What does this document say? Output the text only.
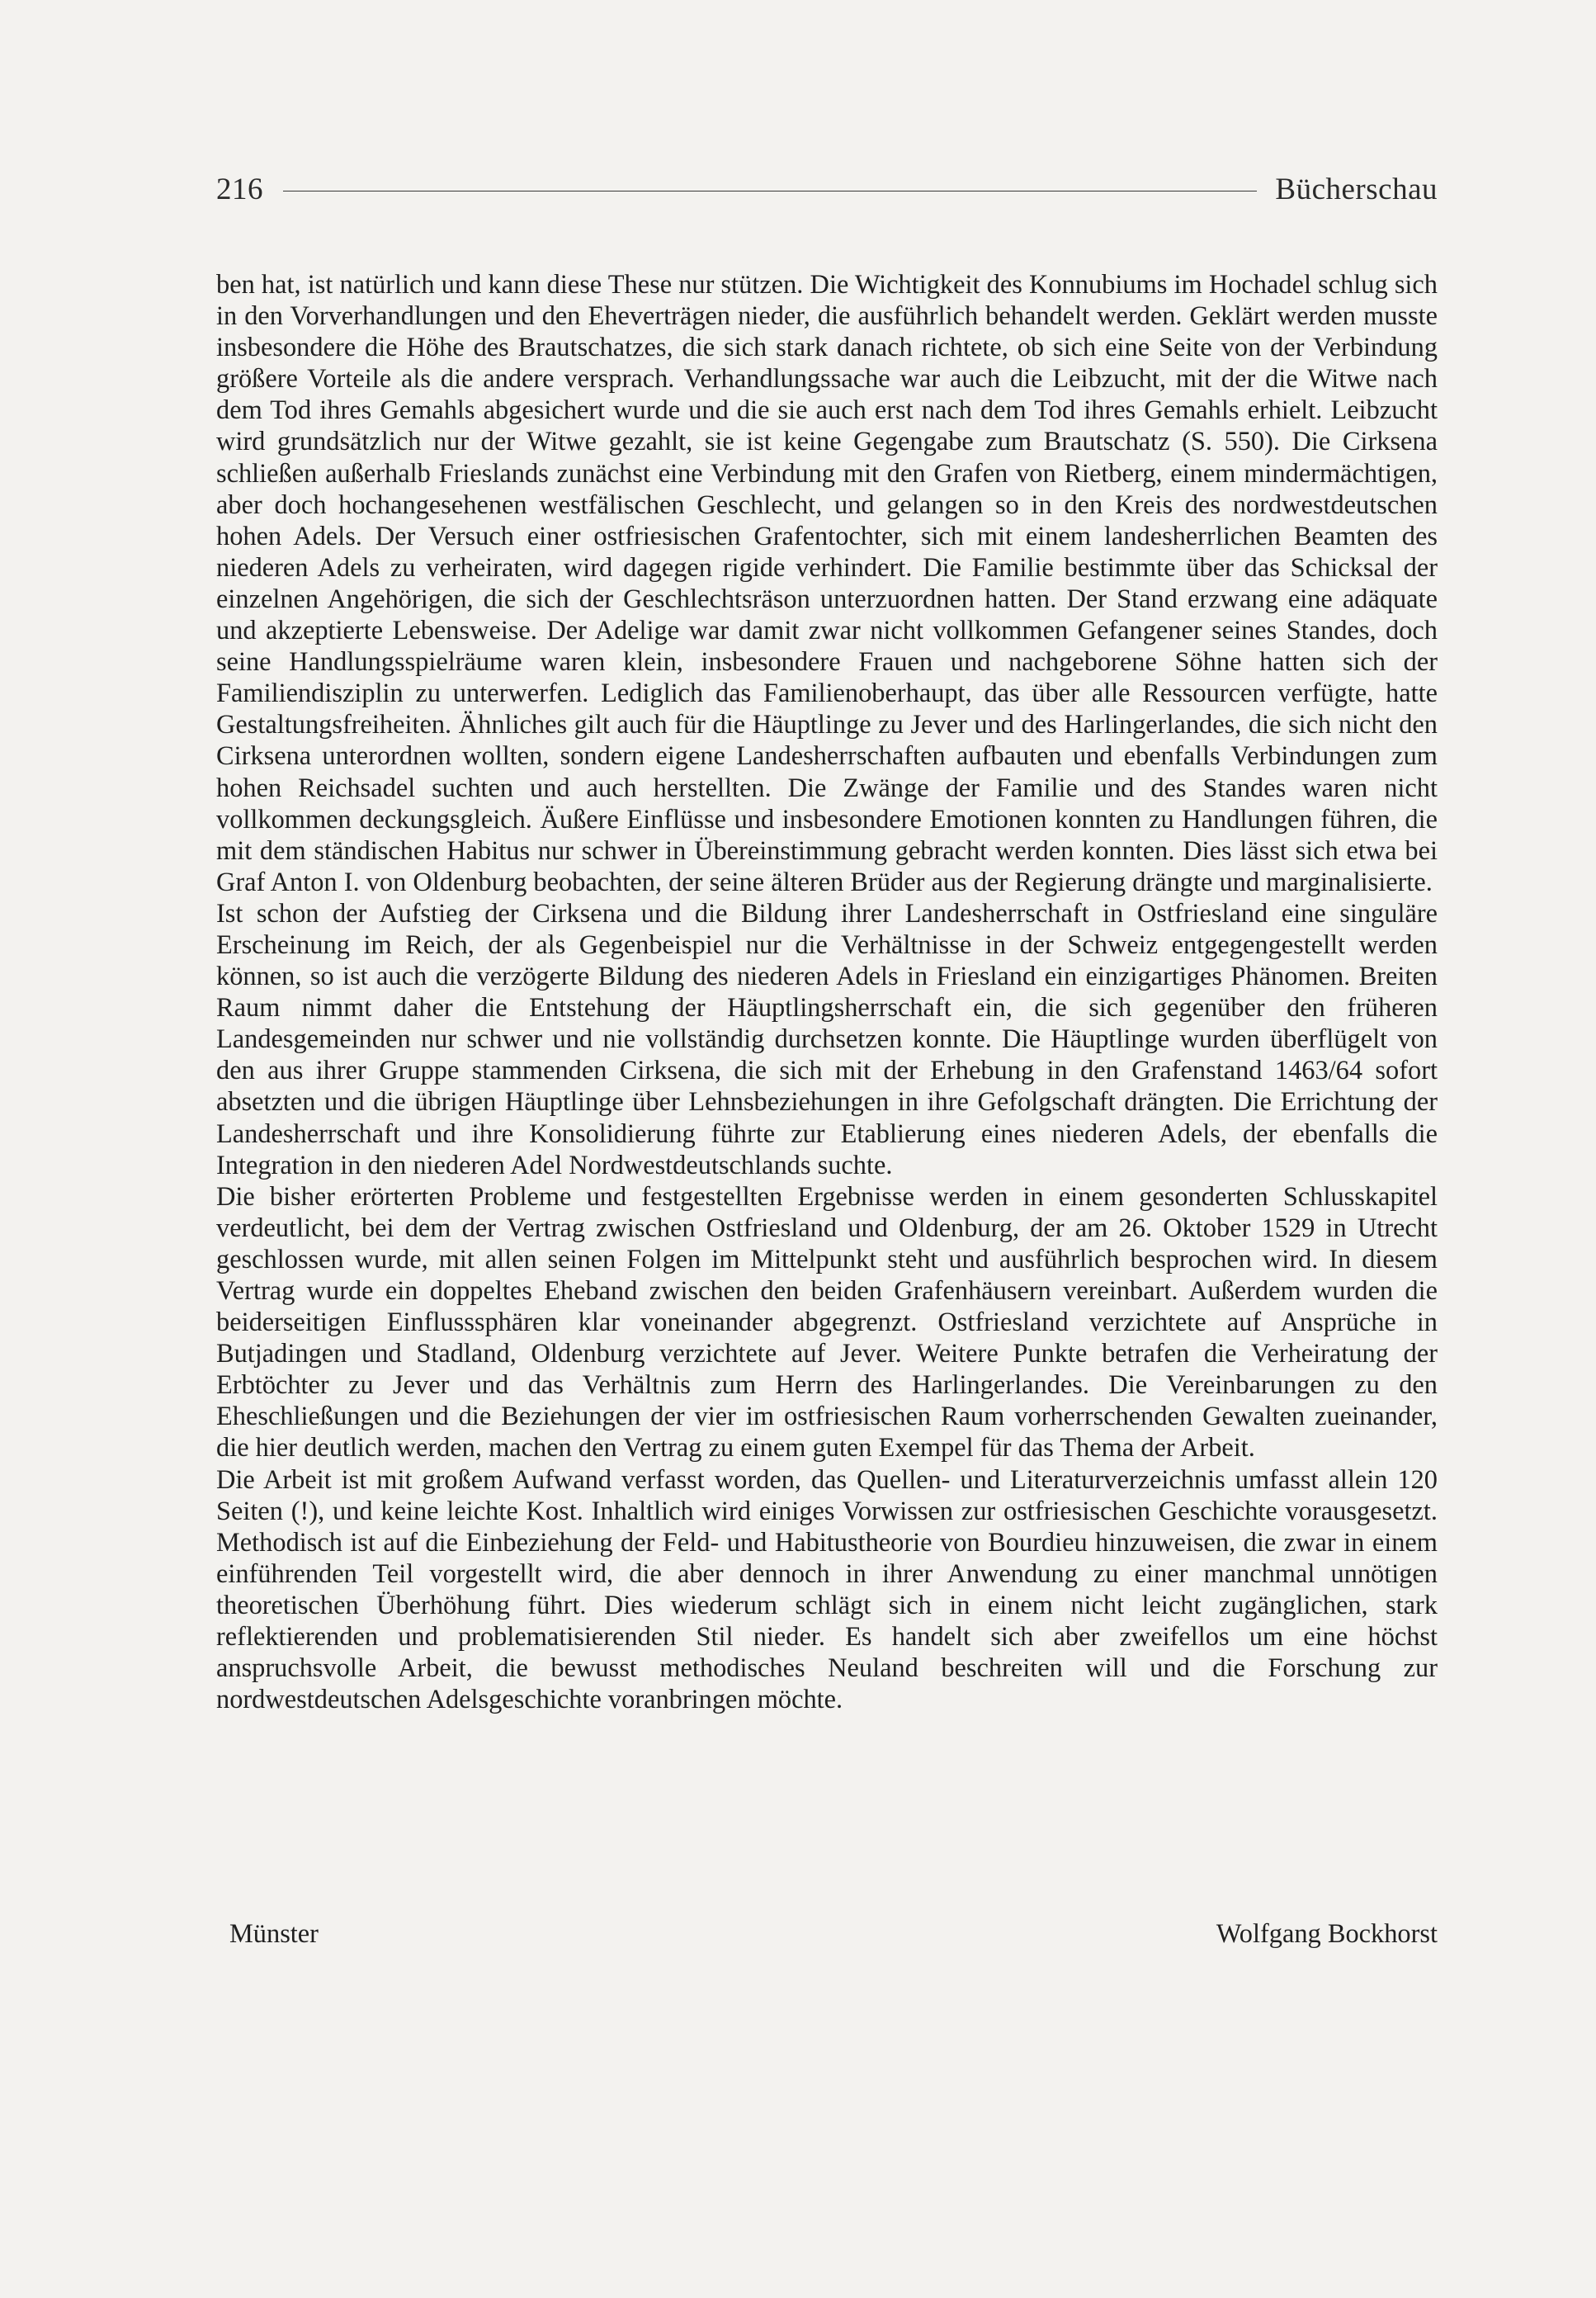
216	Bücherschau

ben hat, ist natürlich und kann diese These nur stützen. Die Wichtigkeit des Konnubiums im Hochadel schlug sich in den Vorverhandlungen und den Eheverträgen nieder, die ausführlich behandelt werden. Geklärt werden musste insbesondere die Höhe des Brautschatzes, die sich stark danach richtete, ob sich eine Seite von der Verbindung größere Vorteile als die andere versprach. Verhandlungssache war auch die Leibzucht, mit der die Witwe nach dem Tod ihres Gemahls abgesichert wurde und die sie auch erst nach dem Tod ihres Gemahls erhielt. Leibzucht wird grundsätzlich nur der Witwe gezahlt, sie ist keine Gegengabe zum Brautschatz (S. 550). Die Cirksena schließen außerhalb Frieslands zunächst eine Verbindung mit den Grafen von Rietberg, einem mindermächtigen, aber doch hochangesehenen westfälischen Geschlecht, und gelangen so in den Kreis des nordwestdeutschen hohen Adels. Der Versuch einer ostfriesischen Grafentochter, sich mit einem landesherrlichen Beamten des niederen Adels zu verheiraten, wird dagegen rigide verhindert. Die Familie bestimmte über das Schicksal der einzelnen Angehörigen, die sich der Geschlechtsräson unterzuordnen hatten. Der Stand erzwang eine adäquate und akzeptierte Lebensweise. Der Adelige war damit zwar nicht vollkommen Gefangener seines Standes, doch seine Handlungsspielräume waren klein, insbesondere Frauen und nachgeborene Söhne hatten sich der Familiendisziplin zu unterwerfen. Lediglich das Familienoberhaupt, das über alle Ressourcen verfügte, hatte Gestaltungsfreiheiten. Ähnliches gilt auch für die Häuptlinge zu Jever und des Harlingerlandes, die sich nicht den Cirksena unterordnen wollten, sondern eigene Landesherrschaften aufbauten und ebenfalls Verbindungen zum hohen Reichsadel suchten und auch herstellten. Die Zwänge der Familie und des Standes waren nicht vollkommen deckungsgleich. Äußere Einflüsse und insbesondere Emotionen konnten zu Handlungen führen, die mit dem ständischen Habitus nur schwer in Übereinstimmung gebracht werden konnten. Dies lässt sich etwa bei Graf Anton I. von Oldenburg beobachten, der seine älteren Brüder aus der Regierung drängte und marginalisierte.

Ist schon der Aufstieg der Cirksena und die Bildung ihrer Landesherrschaft in Ostfriesland eine singuläre Erscheinung im Reich, der als Gegenbeispiel nur die Verhältnisse in der Schweiz entgegengestellt werden können, so ist auch die verzögerte Bildung des niederen Adels in Friesland ein einzigartiges Phänomen. Breiten Raum nimmt daher die Entstehung der Häuptlingsherrschaft ein, die sich gegenüber den früheren Landesgemeinden nur schwer und nie vollständig durchsetzen konnte. Die Häuptlinge wurden überflügelt von den aus ihrer Gruppe stammenden Cirksena, die sich mit der Erhebung in den Grafenstand 1463/64 sofort absetzten und die übrigen Häuptlinge über Lehnsbeziehungen in ihre Gefolgschaft drängten. Die Errichtung der Landesherrschaft und ihre Konsolidierung führte zur Etablierung eines niederen Adels, der ebenfalls die Integration in den niederen Adel Nordwestdeutschlands suchte.

Die bisher erörterten Probleme und festgestellten Ergebnisse werden in einem gesonderten Schlusskapitel verdeutlicht, bei dem der Vertrag zwischen Ostfriesland und Oldenburg, der am 26. Oktober 1529 in Utrecht geschlossen wurde, mit allen seinen Folgen im Mittelpunkt steht und ausführlich besprochen wird. In diesem Vertrag wurde ein doppeltes Eheband zwischen den beiden Grafenhäusern vereinbart. Außerdem wurden die beiderseitigen Einflusssphären klar voneinander abgegrenzt. Ostfriesland verzichtete auf Ansprüche in Butjadingen und Stadland, Oldenburg verzichtete auf Jever. Weitere Punkte betrafen die Verheiratung der Erbtöchter zu Jever und das Verhältnis zum Herrn des Harlingerlandes. Die Vereinbarungen zu den Eheschließungen und die Beziehungen der vier im ostfriesischen Raum vorherrschenden Gewalten zueinander, die hier deutlich werden, machen den Vertrag zu einem guten Exempel für das Thema der Arbeit.

Die Arbeit ist mit großem Aufwand verfasst worden, das Quellen- und Literaturverzeichnis umfasst allein 120 Seiten (!), und keine leichte Kost. Inhaltlich wird einiges Vorwissen zur ostfriesischen Geschichte vorausgesetzt. Methodisch ist auf die Einbeziehung der Feld- und Habitustheorie von Bourdieu hinzuweisen, die zwar in einem einführenden Teil vorgestellt wird, die aber dennoch in ihrer Anwendung zu einer manchmal unnötigen theoretischen Überhöhung führt. Dies wiederum schlägt sich in einem nicht leicht zugänglichen, stark reflektierenden und problematisierenden Stil nieder. Es handelt sich aber zweifellos um eine höchst anspruchsvolle Arbeit, die bewusst methodisches Neuland beschreiten will und die Forschung zur nordwestdeutschen Adelsgeschichte voranbringen möchte.

Münster	Wolfgang Bockhorst
